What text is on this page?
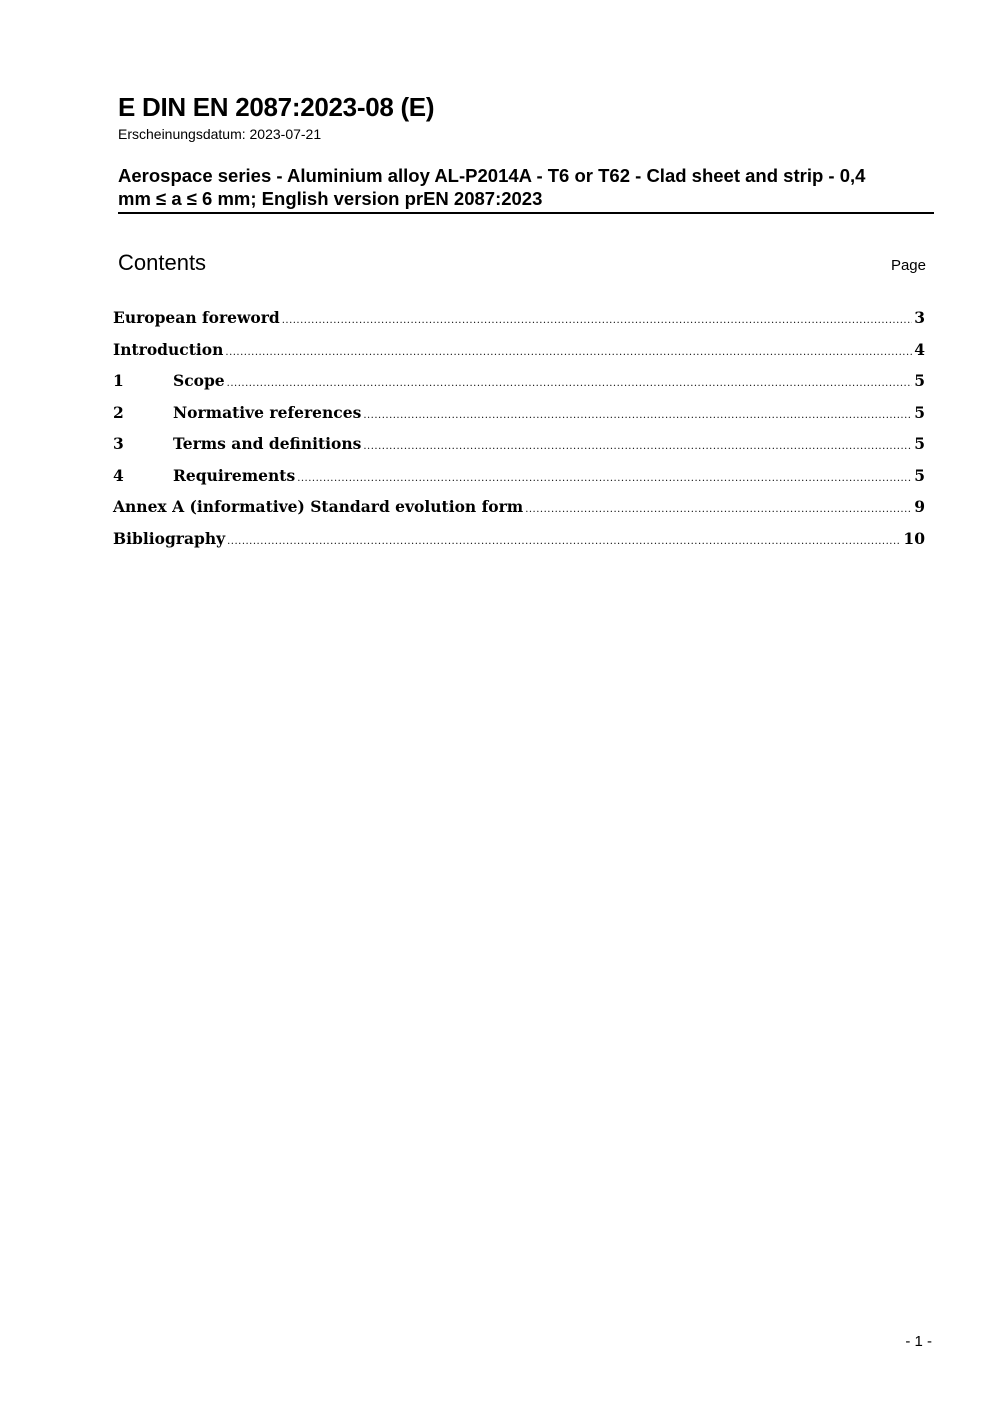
E DIN EN 2087:2023-08 (E)
Erscheinungsdatum: 2023-07-21
Aerospace series - Aluminium alloy AL-P2014A - T6 or T62 - Clad sheet and strip - 0,4
mm ≤ a ≤ 6 mm; English version prEN 2087:2023
Contents	Page
European foreword .....	3
Introduction .....	4
1	Scope .....	5
2	Normative references .....	5
3	Terms and definitions .....	5
4	Requirements .....	5
Annex A (informative) Standard evolution form .....	9
Bibliography .....	10
- 1 -
